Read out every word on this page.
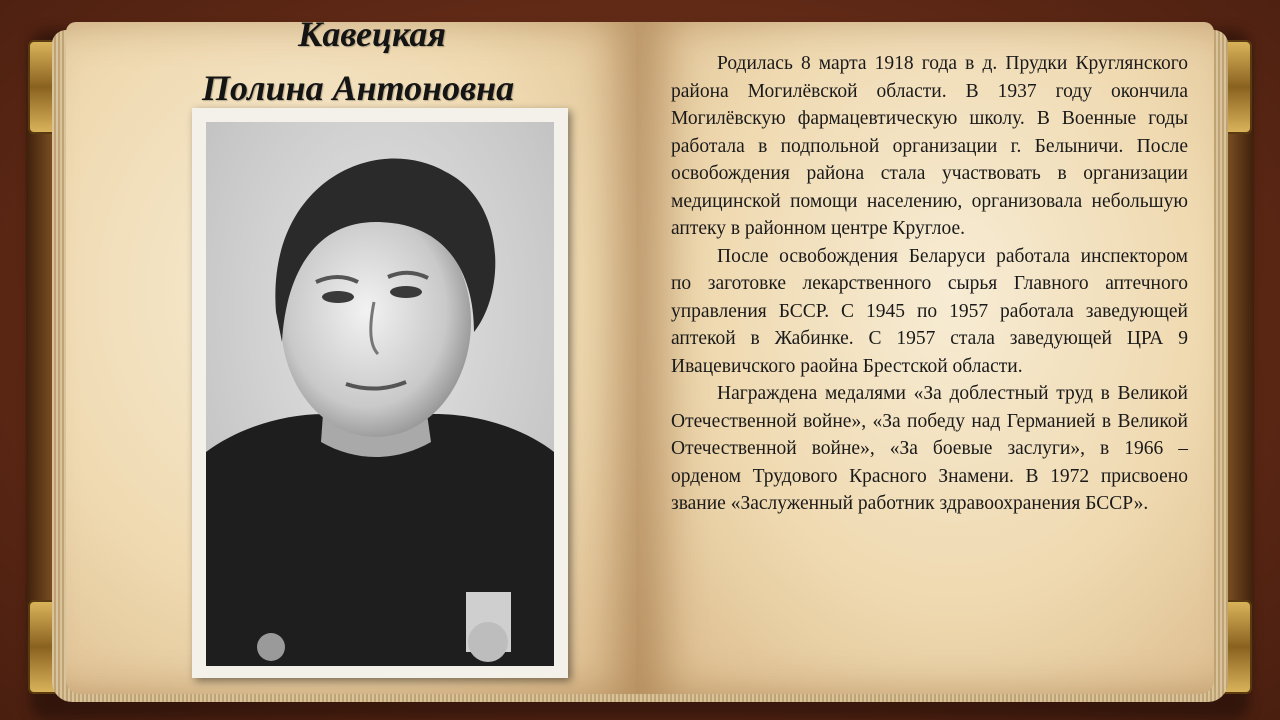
Кавецкая
Полина Антоновна

Родилась 8 марта 1918 года в д. Прудки Круглянского района Могилёвской области. В 1937 году окончила Могилёвскую фармацевтическую школу. В Военные годы работала в подпольной организации г. Белыничи. После освобождения района стала участвовать в организации медицинской помощи населению, организовала небольшую аптеку в районном центре Круглое.

После освобождения Беларуси работала инспектором по заготовке лекарственного сырья Главного аптечного управления БССР. С 1945 по 1957 работала заведующей аптекой в Жабинке. С 1957 стала заведующей ЦРА 9 Ивацевичского раойна Брестской области.

Награждена медалями «За доблестный труд в Великой Отечественной войне», «За победу над Германией в Великой Отечественной войне», «За боевые заслуги», в 1966 – орденом Трудового Красного Знамени. В 1972 присвоено звание «Заслуженный работник здравоохранения БССР».
